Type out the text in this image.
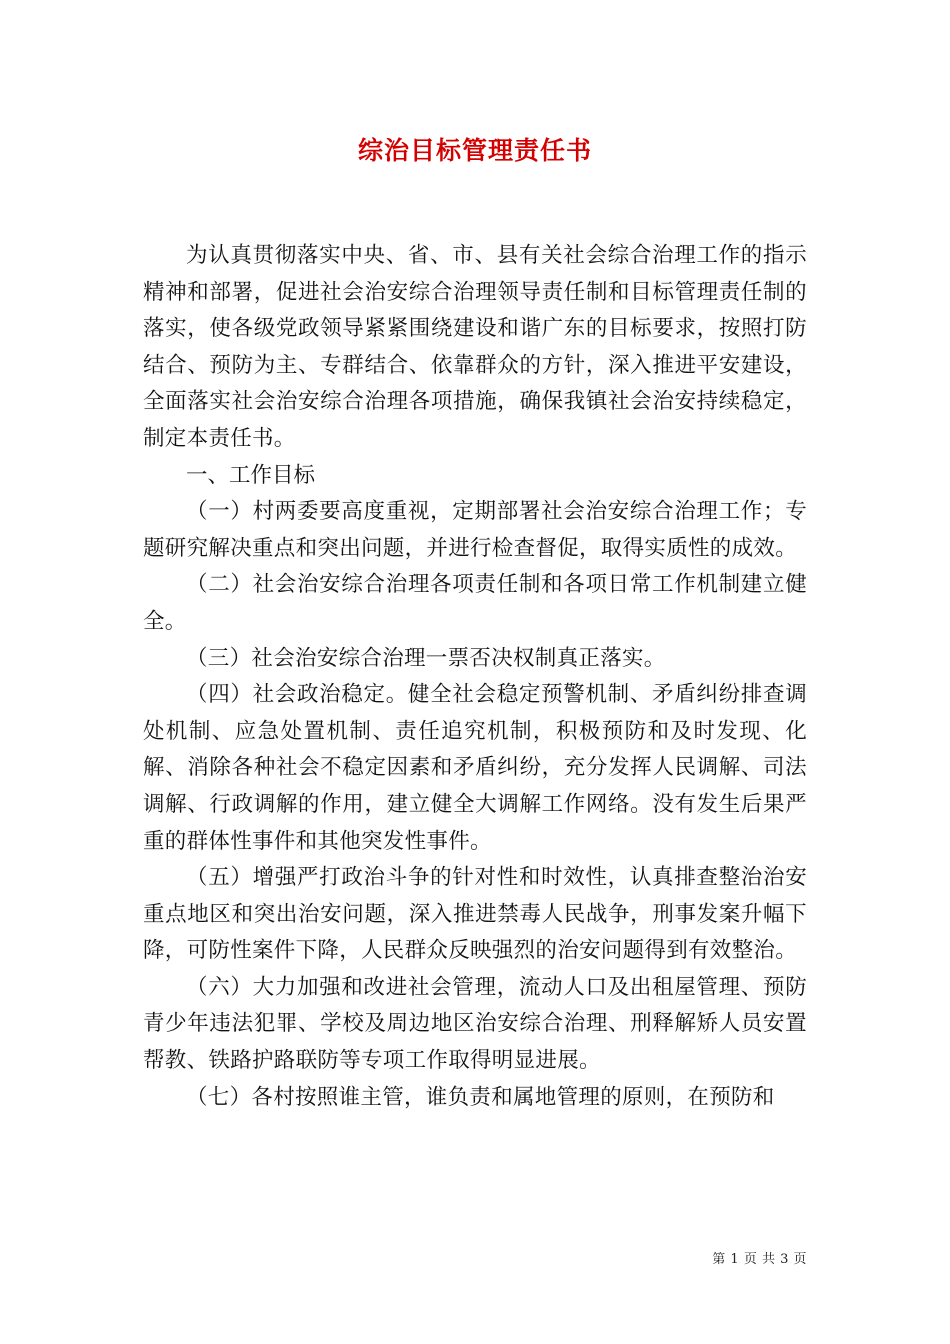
综治目标管理责任书

为认真贯彻落实中央、省、市、县有关社会综合治理工作的指示精神和部署，促进社会治安综合治理领导责任制和目标管理责任制的落实，使各级党政领导紧紧围绕建设和谐广东的目标要求，按照打防结合、预防为主、专群结合、依靠群众的方针，深入推进平安建设，全面落实社会治安综合治理各项措施，确保我镇社会治安持续稳定，制定本责任书。

一、工作目标

（一）村两委要高度重视，定期部署社会治安综合治理工作；专题研究解决重点和突出问题，并进行检查督促，取得实质性的成效。

（二）社会治安综合治理各项责任制和各项日常工作机制建立健全。

（三）社会治安综合治理一票否决权制真正落实。

（四）社会政治稳定。健全社会稳定预警机制、矛盾纠纷排查调处机制、应急处置机制、责任追究机制，积极预防和及时发现、化解、消除各种社会不稳定因素和矛盾纠纷，充分发挥人民调解、司法调解、行政调解的作用，建立健全大调解工作网络。没有发生后果严重的群体性事件和其他突发性事件。

（五）增强严打政治斗争的针对性和时效性，认真排查整治治安重点地区和突出治安问题，深入推进禁毒人民战争，刑事发案升幅下降，可防性案件下降，人民群众反映强烈的治安问题得到有效整治。

（六）大力加强和改进社会管理，流动人口及出租屋管理、预防青少年违法犯罪、学校及周边地区治安综合治理、刑释解矫人员安置帮教、铁路护路联防等专项工作取得明显进展。

（七）各村按照谁主管，谁负责和属地管理的原则，在预防和

第 1 页 共 3 页
